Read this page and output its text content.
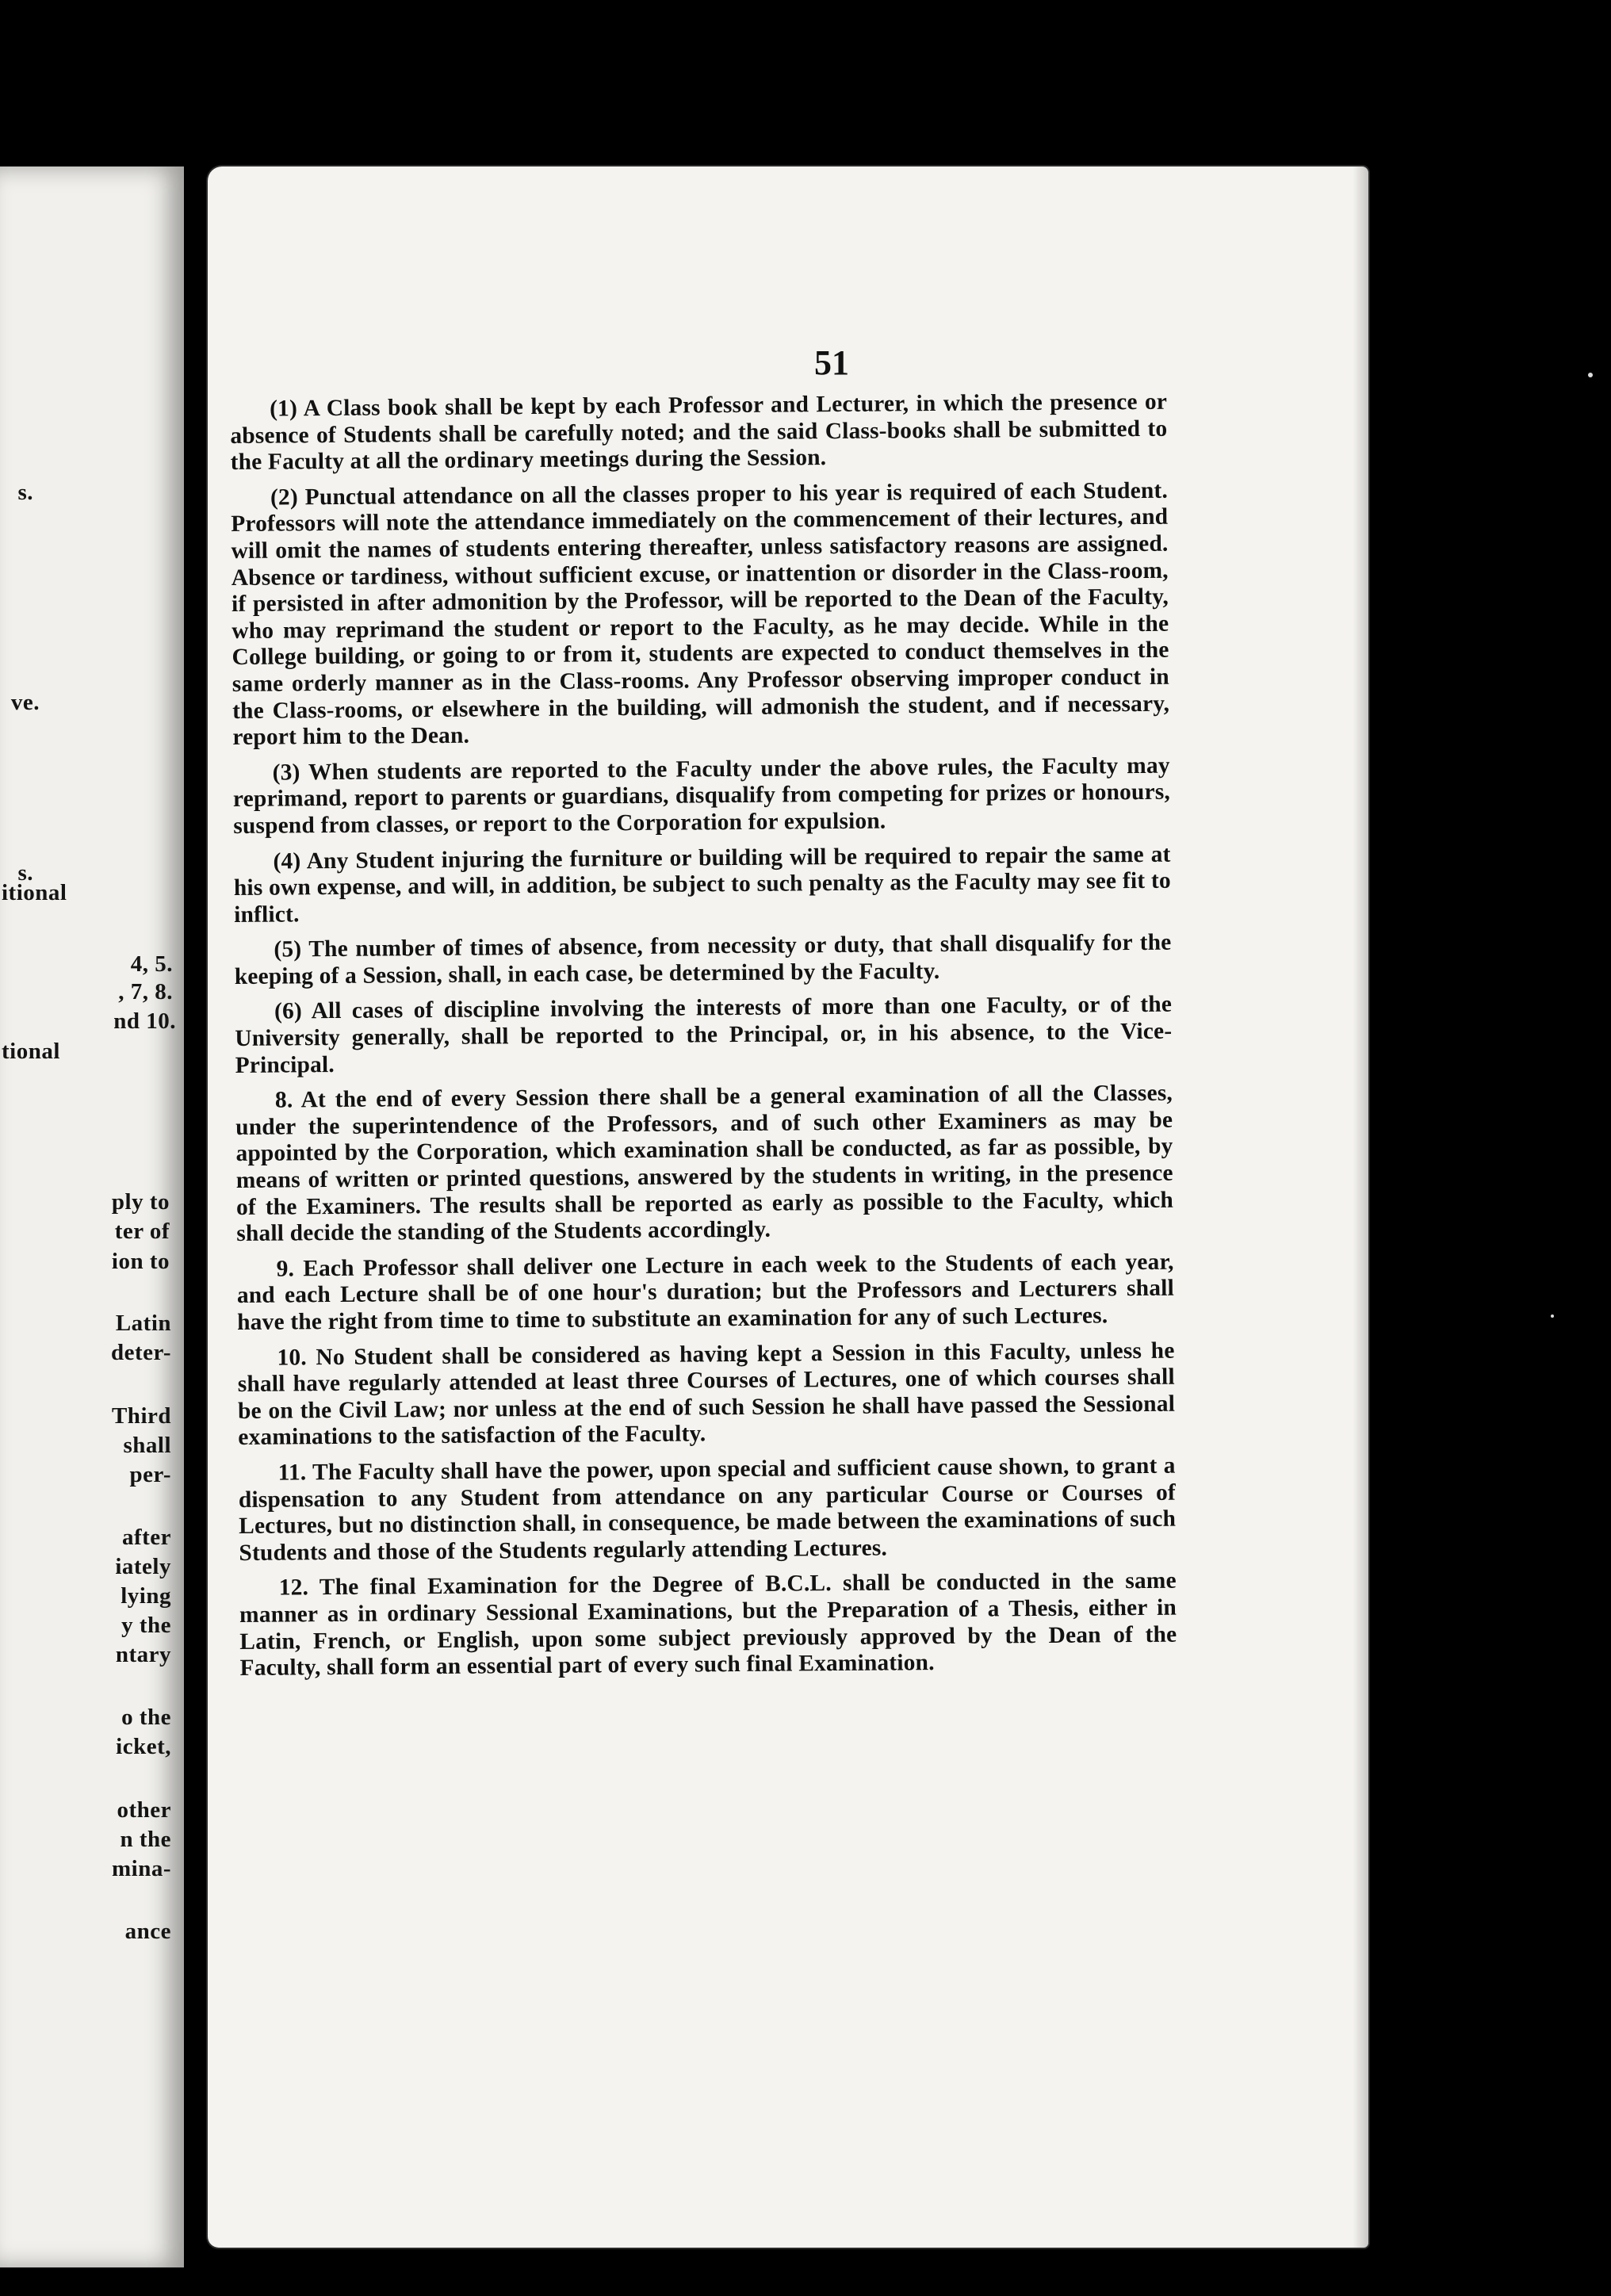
s.
ve.
s.
itional
4, 5.
, 7, 8.
nd 10.
tional
ply to
ter of
ion to
Latin
deter-
Third
shall
per-
after
iately
lying
y the
ntary
o the
icket,
other
n the
mina-
ance
51

(1) A Class book shall be kept by each Professor and Lecturer, in which the presence or absence of Students shall be carefully noted; and the said Class-books shall be submitted to the Faculty at all the ordinary meetings during the Session.

(2) Punctual attendance on all the classes proper to his year is required of each Student. Professors will note the attendance immediately on the commencement of their lectures, and will omit the names of students entering thereafter, unless satisfactory reasons are assigned. Absence or tardiness, without sufficient excuse, or inattention or disorder in the Class-room, if persisted in after admonition by the Professor, will be reported to the Dean of the Faculty, who may reprimand the student or report to the Faculty, as he may decide. While in the College building, or going to or from it, students are expected to conduct themselves in the same orderly manner as in the Class-rooms. Any Professor observing improper conduct in the Class-rooms, or elsewhere in the building, will admonish the student, and if necessary, report him to the Dean.

(3) When students are reported to the Faculty under the above rules, the Faculty may reprimand, report to parents or guardians, disqualify from competing for prizes or honours, suspend from classes, or report to the Corporation for expulsion.

(4) Any Student injuring the furniture or building will be required to repair the same at his own expense, and will, in addition, be subject to such penalty as the Faculty may see fit to inflict.

(5) The number of times of absence, from necessity or duty, that shall disqualify for the keeping of a Session, shall, in each case, be determined by the Faculty.

(6) All cases of discipline involving the interests of more than one Faculty, or of the University generally, shall be reported to the Principal, or, in his absence, to the Vice-Principal.

8. At the end of every Session there shall be a general examination of all the Classes, under the superintendence of the Professors, and of such other Examiners as may be appointed by the Corporation, which examination shall be conducted, as far as possible, by means of written or printed questions, answered by the students in writing, in the presence of the Examiners. The results shall be reported as early as possible to the Faculty, which shall decide the standing of the Students accordingly.

9. Each Professor shall deliver one Lecture in each week to the Students of each year, and each Lecture shall be of one hour's duration; but the Professors and Lecturers shall have the right from time to time to substitute an examination for any of such Lectures.

10. No Student shall be considered as having kept a Session in this Faculty, unless he shall have regularly attended at least three Courses of Lectures, one of which courses shall be on the Civil Law; nor unless at the end of such Session he shall have passed the Sessional examinations to the satisfaction of the Faculty.

11. The Faculty shall have the power, upon special and sufficient cause shown, to grant a dispensation to any Student from attendance on any particular Course or Courses of Lectures, but no distinction shall, in consequence, be made between the examinations of such Students and those of the Students regularly attending Lectures.

12. The final Examination for the Degree of B.C.L. shall be conducted in the same manner as in ordinary Sessional Examinations, but the Preparation of a Thesis, either in Latin, French, or English, upon some subject previously approved by the Dean of the Faculty, shall form an essential part of every such final Examination.
